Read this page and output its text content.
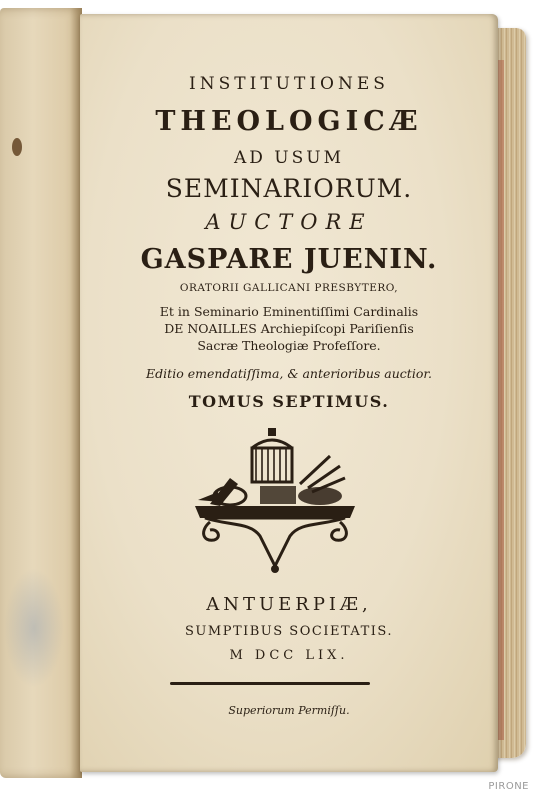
INSTITUTIONES
THEOLOGICÆ
AD USUM
SEMINARIORUM.
AUCTORE
GASPARE JUENIN.
ORATORII GALLICANI PRESBYTERO,
Et in Seminario Eminentiſſimi Cardinalis
DE NOAILLES Archiepiſcopi Pariſienſis
Sacræ Theologiæ Profeſſore.
Editio emendatiſſima, & anterioribus auctior.
TOMUS SEPTIMUS.
ANTUERPIÆ,
SUMPTIBUS SOCIETATIS.
M DCC LIX.
Superiorum Permiſſu.
PIRONE
